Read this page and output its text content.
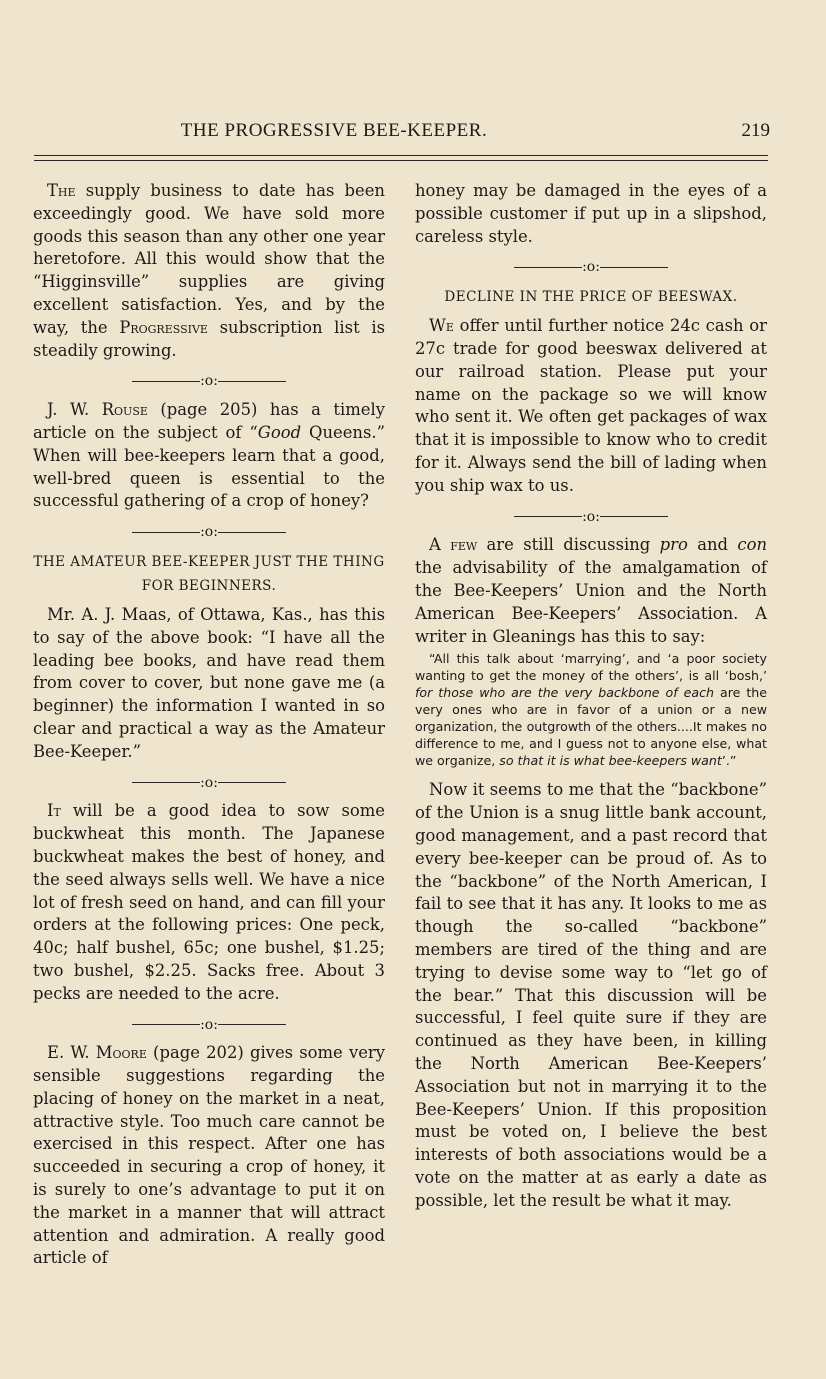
THE PROGRESSIVE BEE-KEEPER.	219

The supply business to date has been exceedingly good. We have sold more goods this season than any other one year heretofore. All this would show that the “Higginsville” supplies are giving excellent satisfaction. Yes, and by the way, the Progressive subscription list is steadily growing.

:o:

J. W. Rouse (page 205) has a timely article on the subject of “Good Queens.” When will bee-keepers learn that a good, well-bred queen is essential to the successful gathering of a crop of honey?

:o:
THE AMATEUR BEE-KEEPER JUST THE THING FOR BEGINNERS.

Mr. A. J. Maas, of Ottawa, Kas., has this to say of the above book: “I have all the leading bee books, and have read them from cover to cover, but none gave me (a beginner) the information I wanted in so clear and practical a way as the Amateur Bee-Keeper.”

:o:

It will be a good idea to sow some buckwheat this month. The Japanese buckwheat makes the best of honey, and the seed always sells well. We have a nice lot of fresh seed on hand, and can fill your orders at the following prices: One peck, 40c; half bushel, 65c; one bushel, $1.25; two bushel, $2.25. Sacks free. About 3 pecks are needed to the acre.

:o:

E. W. Moore (page 202) gives some very sensible suggestions regarding the placing of honey on the market in a neat, attractive style. Too much care cannot be exercised in this respect. After one has succeeded in securing a crop of honey, it is surely to one’s advantage to put it on the market in a manner that will attract attention and admiration. A really good article of

honey may be damaged in the eyes of a possible customer if put up in a slipshod, careless style.

:o:
DECLINE IN THE PRICE OF BEESWAX.

We offer until further notice 24c cash or 27c trade for good beeswax delivered at our railroad station. Please put your name on the package so we will know who sent it. We often get packages of wax that it is impossible to know who to credit for it. Always send the bill of lading when you ship wax to us.

:o:

A few are still discussing pro and con the advisability of the amalgamation of the Bee-Keepers’ Union and the North American Bee-Keepers’ Association. A writer in Gleanings has this to say:

“All this talk about ‘marrying’, and ‘a poor society wanting to get the money of the others’, is all ‘bosh,’ for those who are the very backbone of each are the very ones who are in favor of a union or a new organization, the outgrowth of the others....It makes no difference to me, and I guess not to anyone else, what we organize, so that it is what bee-keepers want’.”

Now it seems to me that the “backbone” of the Union is a snug little bank account, good management, and a past record that every bee-keeper can be proud of. As to the “backbone” of the North American, I fail to see that it has any. It looks to me as though the so-called “backbone” members are tired of the thing and are trying to devise some way to “let go of the bear.” That this discussion will be successful, I feel quite sure if they are continued as they have been, in killing the North American Bee-Keepers’ Association but not in marrying it to the Bee-Keepers’ Union. If this proposition must be voted on, I believe the best interests of both associations would be a vote on the matter at as early a date as possible, let the result be what it may.
